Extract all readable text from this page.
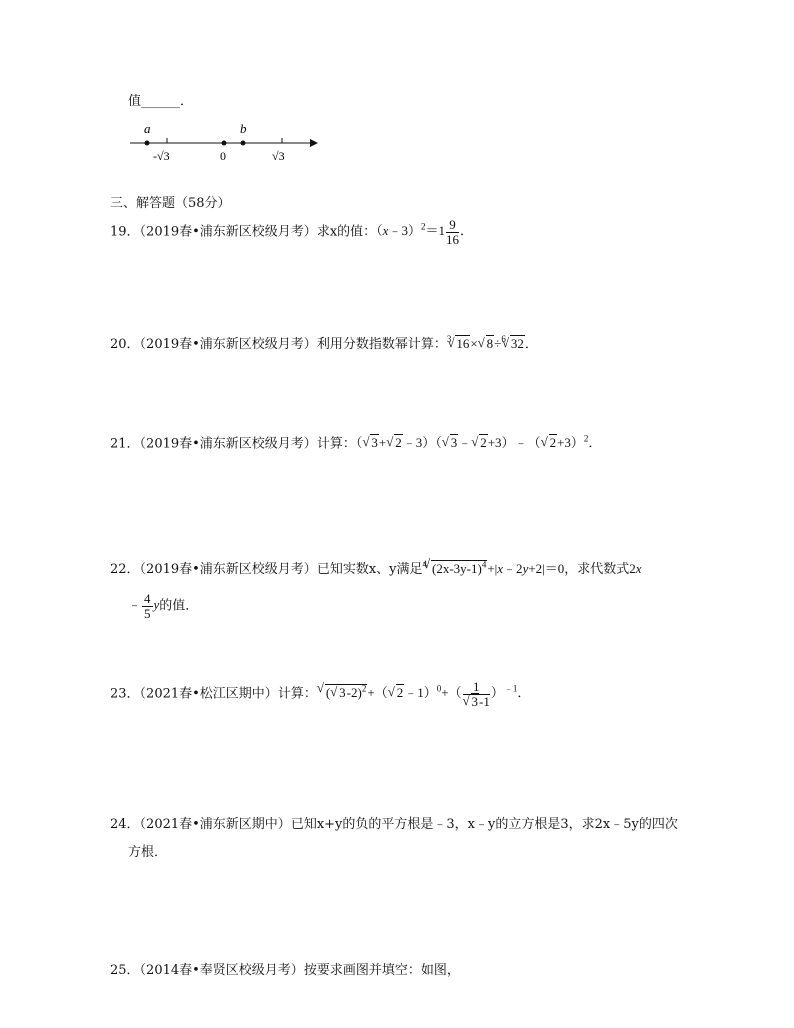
值______．
a	b
-√3	0	√3
三、解答题（58分）
19．（2019春•浦东新区校级月考）求x的值：（x﹣3）$^2$＝1 $\frac{9}{16}$ ．
20．（2019春•浦东新区校级月考）利用分数指数幂计算：$^3$ √ 16× √ 8÷$^6$ √ 32．
21．（2019春•浦东新区校级月考）计算：（ √ 3+ √ 2﹣3）（ √ 3﹣ √ 2+3）﹣（ √ 2+3）$^2$．
22．（2019春•浦东新区校级月考）已知实数x、y满足$^4$ √ $(2x-3y-1)^4+|x﹣2y+2|=0$，求代数式2x
﹣ $\frac{4}{5}$ y的值．
23．（2021春•松江区期中）计算： √ ( √ 3-2)$^2$+（ √ 2﹣1）$^0$+（ 1
√ 3-1 ）$^{﹣1}$．
24．（2021春•浦东新区期中）已知x+y的负的平方根是﹣3，x﹣y的立方根是3，求2x﹣5y的四次
方根．
25．（2014春•奉贤区校级月考）按要求画图并填空：如图，
